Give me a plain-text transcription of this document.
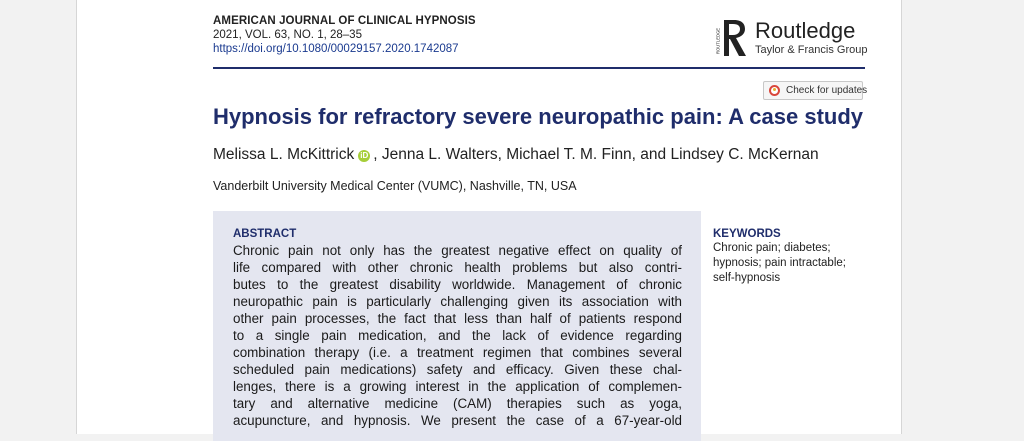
AMERICAN JOURNAL OF CLINICAL HYPNOSIS
2021, VOL. 63, NO. 1, 28–35
https://doi.org/10.1080/00029157.2020.1742087	ROUTLEDGE Routledge
Taylor & Francis Group
Check for updates
Hypnosis for refractory severe neuropathic pain: A case study
Melissa L. McKittrick iD , Jenna L. Walters, Michael T. M. Finn, and Lindsey C. McKernan
Vanderbilt University Medical Center (VUMC), Nashville, TN, USA
ABSTRACT
Chronic pain not only has the greatest negative effect on quality of
life compared with other chronic health problems but also contri-
butes to the greatest disability worldwide. Management of chronic
neuropathic pain is particularly challenging given its association with
other pain processes, the fact that less than half of patients respond
to a single pain medication, and the lack of evidence regarding
combination therapy (i.e. a treatment regimen that combines several
scheduled pain medications) safety and efficacy. Given these chal-
lenges, there is a growing interest in the application of complemen-
tary and alternative medicine (CAM) therapies such as yoga,
acupuncture, and hypnosis. We present the case of a 67-year-old
KEYWORDS
Chronic pain; diabetes;
hypnosis; pain intractable;
self-hypnosis
